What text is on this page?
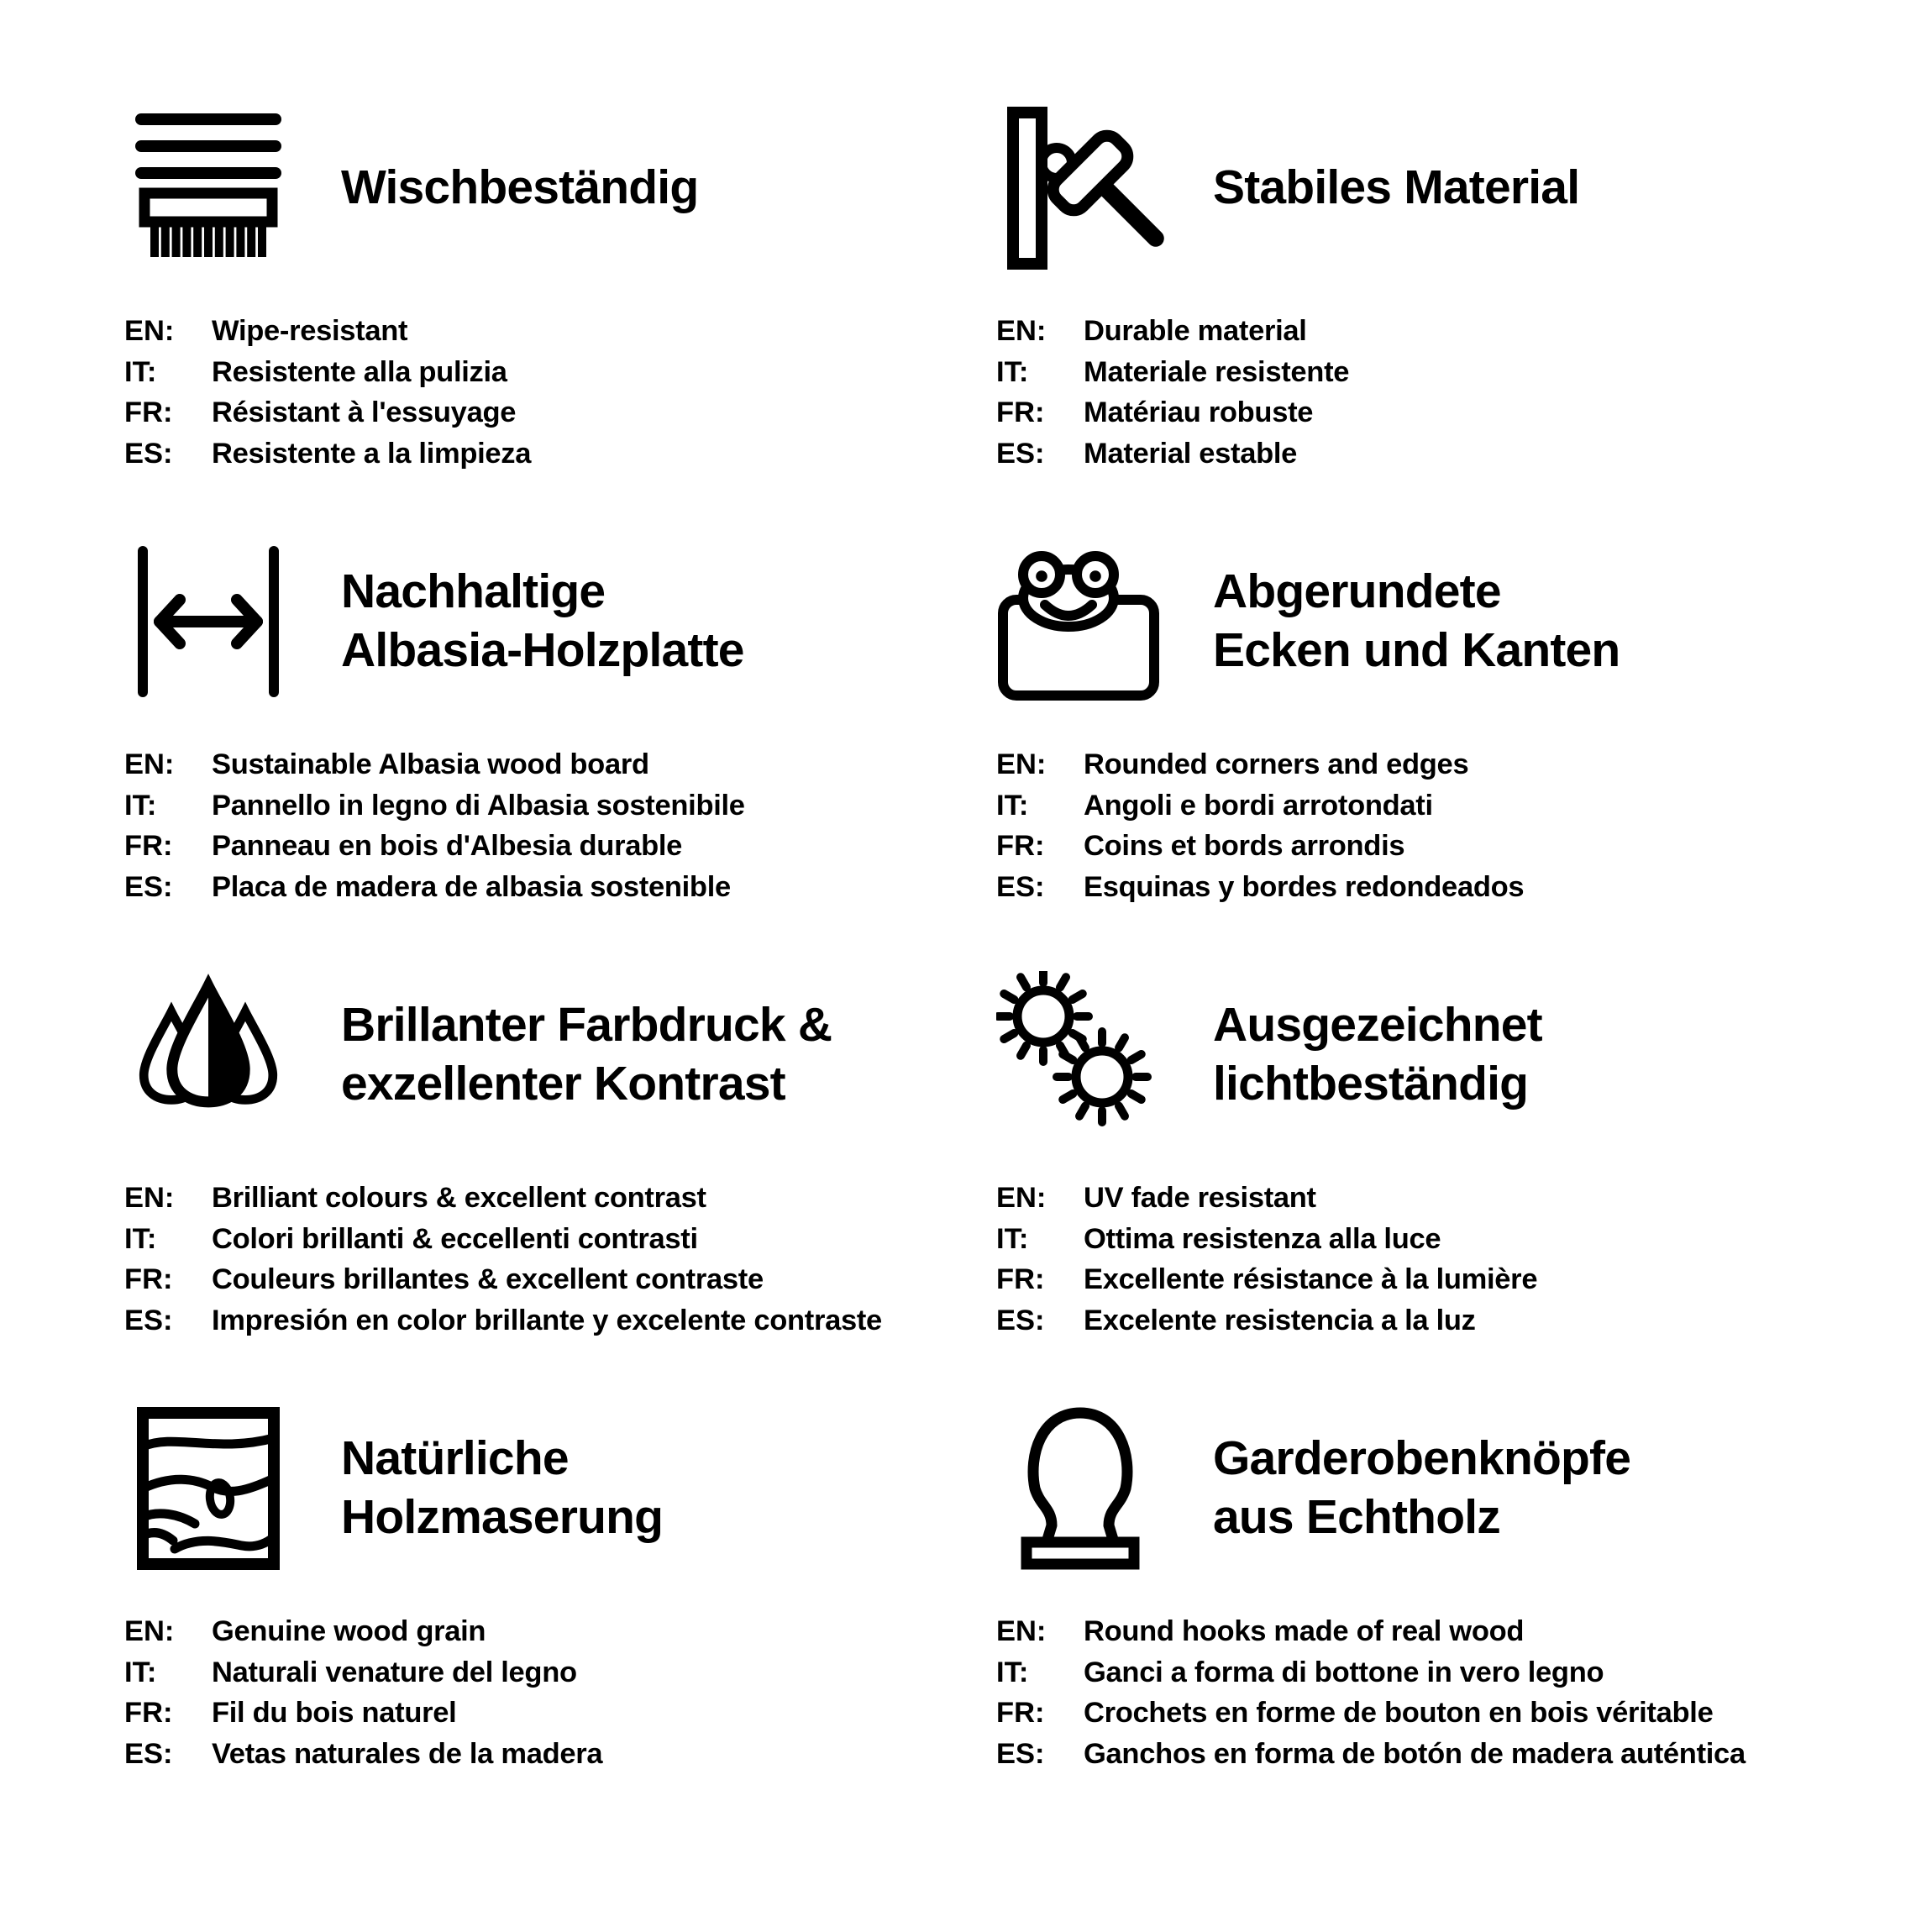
Wischbeständig
EN:	Wipe-resistant
IT:	Resistente alla pulizia
FR:	Résistant à l'essuyage
ES:	Resistente a la limpieza
Stabiles Material
EN:	Durable material
IT:	Materiale resistente
FR:	Matériau robuste
ES:	Material estable
Nachhaltige
Albasia-Holzplatte
EN:	Sustainable Albasia wood board
IT:	Pannello in legno di Albasia sostenibile
FR:	Panneau en bois d'Albesia durable
ES:	Placa de madera de albasia sostenible
Abgerundete
Ecken und Kanten
EN:	Rounded corners and edges
IT:	Angoli e bordi arrotondati
FR:	Coins et bords arrondis
ES:	Esquinas y bordes redondeados
Brillanter Farbdruck &
exzellenter Kontrast
EN:	Brilliant colours & excellent contrast
IT:	Colori brillanti & eccellenti contrasti
FR:	Couleurs brillantes & excellent contraste
ES:	Impresión en color brillante y excelente contraste
Ausgezeichnet
lichtbeständig
EN:	UV fade resistant
IT:	Ottima resistenza alla luce
FR:	Excellente résistance à la lumière
ES:	Excelente resistencia a la luz
Natürliche
Holzmaserung
EN:	Genuine wood grain
IT:	Naturali venature del legno
FR:	Fil du bois naturel
ES:	Vetas naturales de la madera
Garderobenknöpfe
aus Echtholz
EN:	Round hooks made of real wood
IT:	Ganci a forma di bottone in vero legno
FR:	Crochets en forme de bouton en bois véritable
ES:	Ganchos en forma de botón de madera auténtica
